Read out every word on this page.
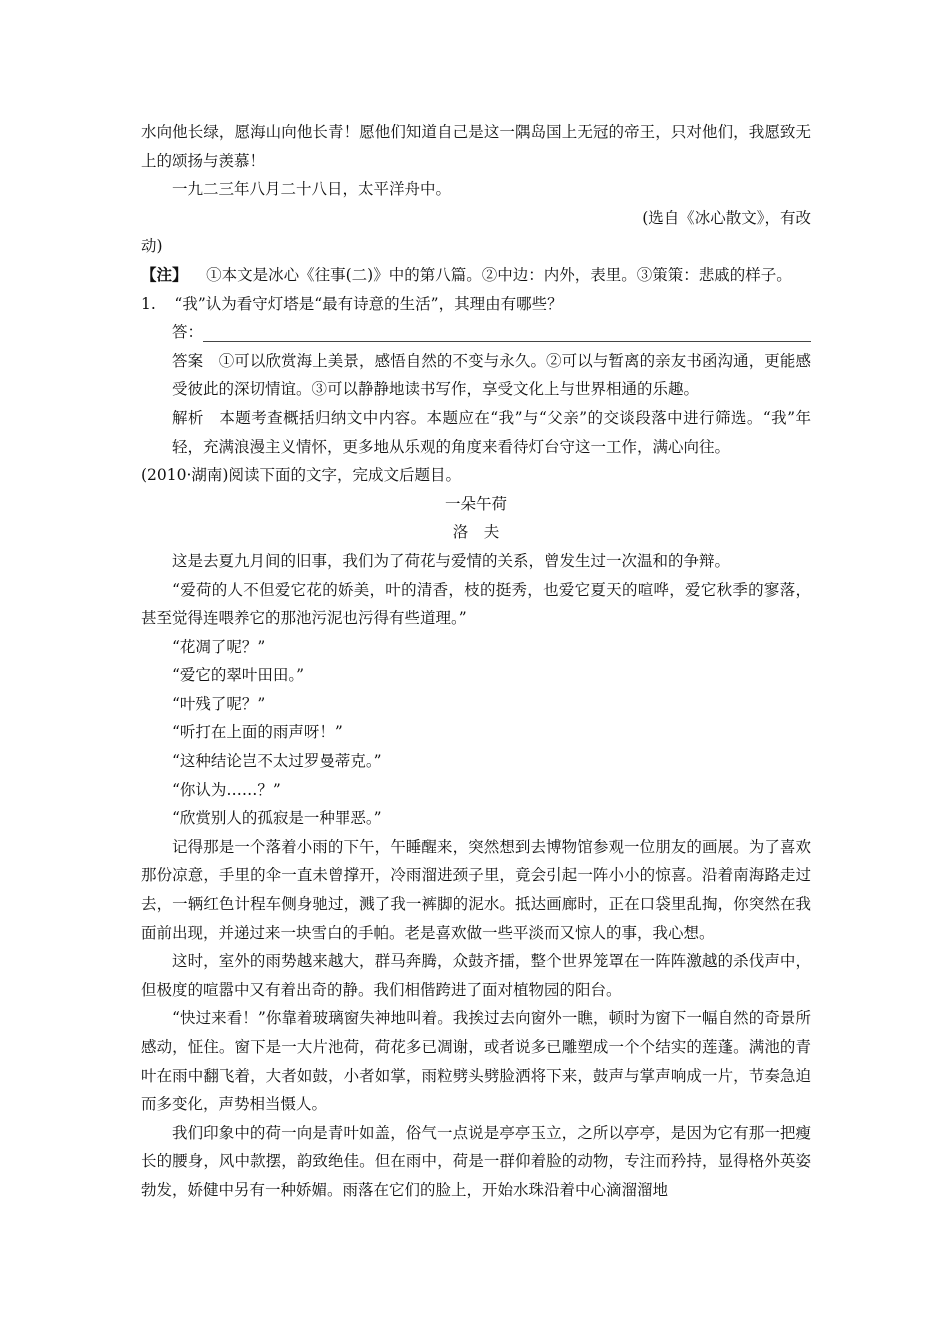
水向他长绿，愿海山向他长青！愿他们知道自己是这一隅岛国上无冠的帝王，只对他们，我愿致无上的颂扬与羡慕！

一九二三年八月二十八日，太平洋舟中。

(选自《冰心散文》，有改

动)

【注】 ①本文是冰心《往事(二)》中的第八篇。②中边：内外，表里。③策策：悲戚的样子。

1. “我”认为看守灯塔是“最有诗意的生活”，其理由有哪些？

答：

答案 ①可以欣赏海上美景，感悟自然的不变与永久。②可以与暂离的亲友书函沟通，更能感受彼此的深切情谊。③可以静静地读书写作，享受文化上与世界相通的乐趣。

解析 本题考查概括归纳文中内容。本题应在“我”与“父亲”的交谈段落中进行筛选。“我”年轻，充满浪漫主义情怀，更多地从乐观的角度来看待灯台守这一工作，满心向往。

(2010·湖南)阅读下面的文字，完成文后题目。

一朵午荷

洛　夫

这是去夏九月间的旧事，我们为了荷花与爱情的关系，曾发生过一次温和的争辩。

“爱荷的人不但爱它花的娇美，叶的清香，枝的挺秀，也爱它夏天的喧哗，爱它秋季的寥落，甚至觉得连喂养它的那池污泥也污得有些道理。”

“花凋了呢？”

“爱它的翠叶田田。”

“叶残了呢？”

“听打在上面的雨声呀！”

“这种结论岂不太过罗曼蒂克。”

“你认为……？”

“欣赏别人的孤寂是一种罪恶。”

记得那是一个落着小雨的下午，午睡醒来，突然想到去博物馆参观一位朋友的画展。为了喜欢那份凉意，手里的伞一直未曾撑开，冷雨溜进颈子里，竟会引起一阵小小的惊喜。沿着南海路走过去，一辆红色计程车侧身驰过，溅了我一裤脚的泥水。抵达画廊时，正在口袋里乱掏，你突然在我面前出现，并递过来一块雪白的手帕。老是喜欢做一些平淡而又惊人的事，我心想。

这时，室外的雨势越来越大，群马奔腾，众鼓齐擂，整个世界笼罩在一阵阵激越的杀伐声中，但极度的喧嚣中又有着出奇的静。我们相偕跨进了面对植物园的阳台。

“快过来看！”你靠着玻璃窗失神地叫着。我挨过去向窗外一瞧，顿时为窗下一幅自然的奇景所感动，怔住。窗下是一大片池荷，荷花多已凋谢，或者说多已雕塑成一个个结实的莲蓬。满池的青叶在雨中翻飞着，大者如鼓，小者如掌，雨粒劈头劈脸洒将下来，鼓声与掌声响成一片，节奏急迫而多变化，声势相当慑人。

我们印象中的荷一向是青叶如盖，俗气一点说是亭亭玉立，之所以亭亭，是因为它有那一把瘦长的腰身，风中款摆，韵致绝佳。但在雨中，荷是一群仰着脸的动物，专注而矜持，显得格外英姿勃发，娇健中另有一种娇媚。雨落在它们的脸上，开始水珠沿着中心滴溜溜地
